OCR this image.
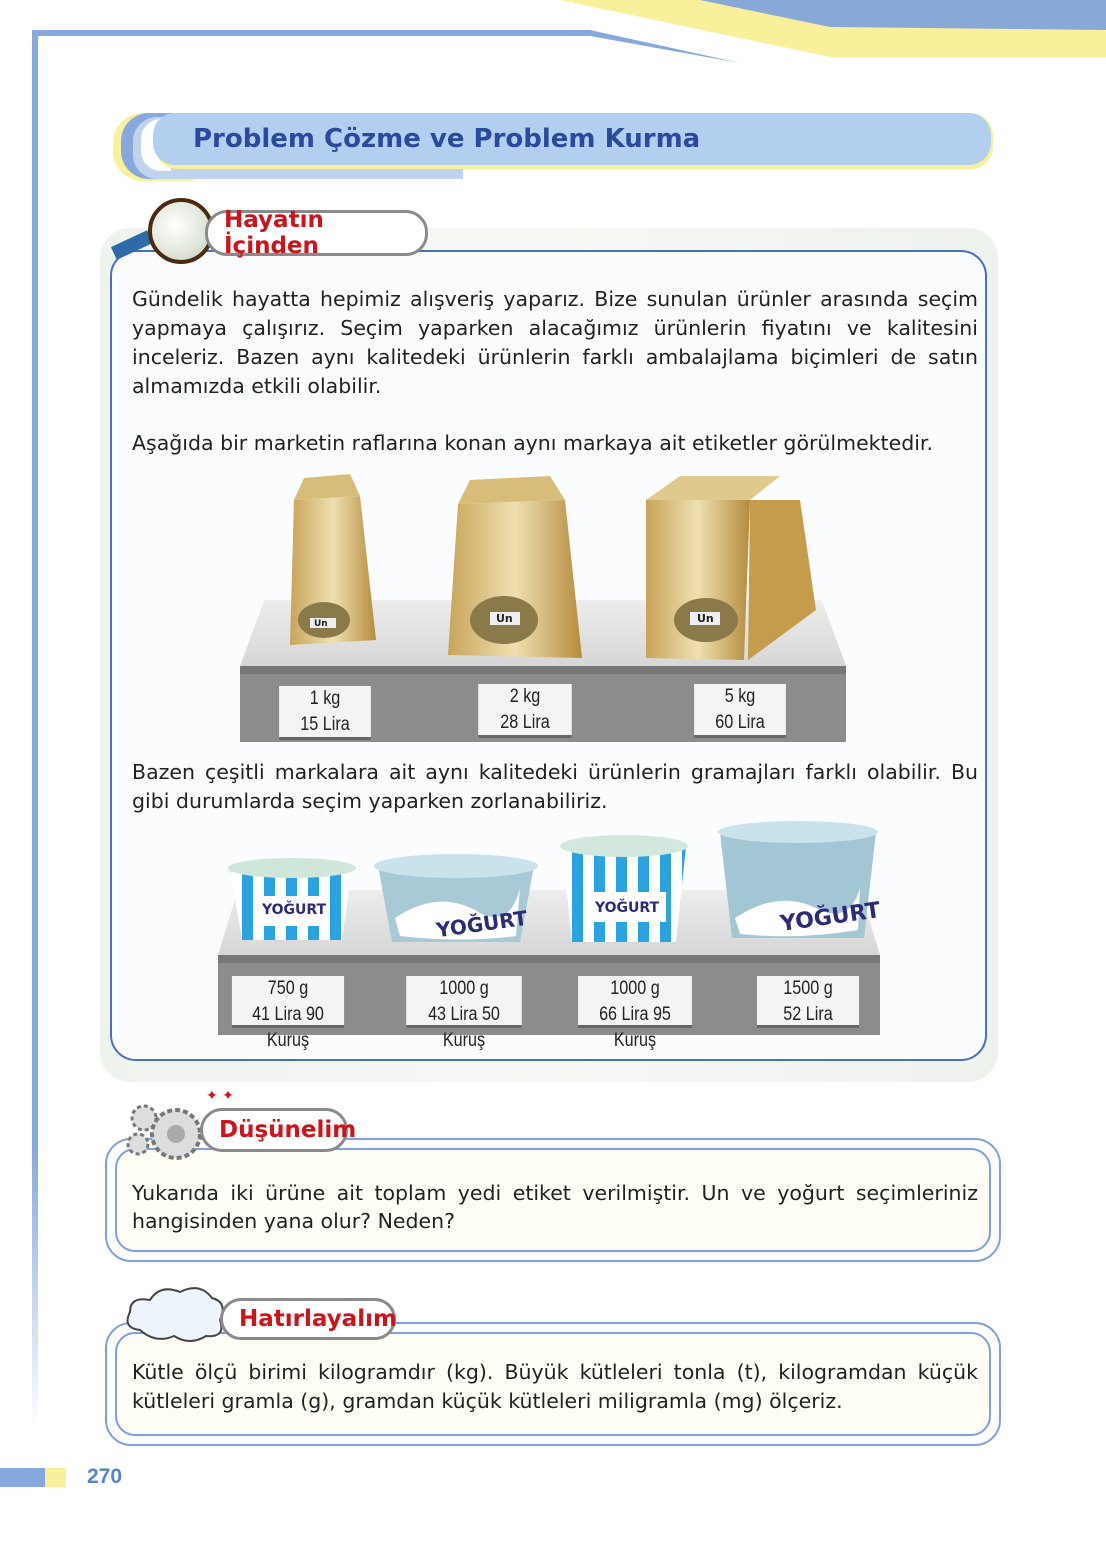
Problem Çözme ve Problem Kurma
Hayatın İçinden

Gündelik hayatta hepimiz alışveriş yaparız. Bize sunulan ürünler arasında seçim yapmaya çalışırız. Seçim yaparken alacağımız ürünlerin fiyatını ve kalitesini inceleriz. Bazen aynı kalitedeki ürünlerin farklı ambalajlama biçimleri de satın almamızda etkili olabilir.

Aşağıda bir marketin raflarına konan aynı markaya ait etiketler görülmektedir.

Un	Un	Un
1 kg
15 Lira
2 kg
28 Lira
5 kg
60 Lira

Bazen çeşitli markalara ait aynı kalitedeki ürünlerin gramajları farklı olabilir. Bu gibi durumlarda seçim yaparken zorlanabiliriz.

YOĞURT	YOĞURT	YOĞURT	YOĞURT
750 g
41 Lira 90 Kuruş
1000 g
43 Lira 50 Kuruş
1000 g
66 Lira 95 Kuruş
1500 g
52 Lira
✦ ✦
Düşünelim

Yukarıda iki ürüne ait toplam yedi etiket verilmiştir. Un ve yoğurt seçimleriniz hangisinden yana olur? Neden?

Hatırlayalım

Kütle ölçü birimi kilogramdır (kg). Büyük kütleleri tonla (t), kilogramdan küçük kütleleri gramla (g), gramdan küçük kütleleri miligramla (mg) ölçeriz.

270
